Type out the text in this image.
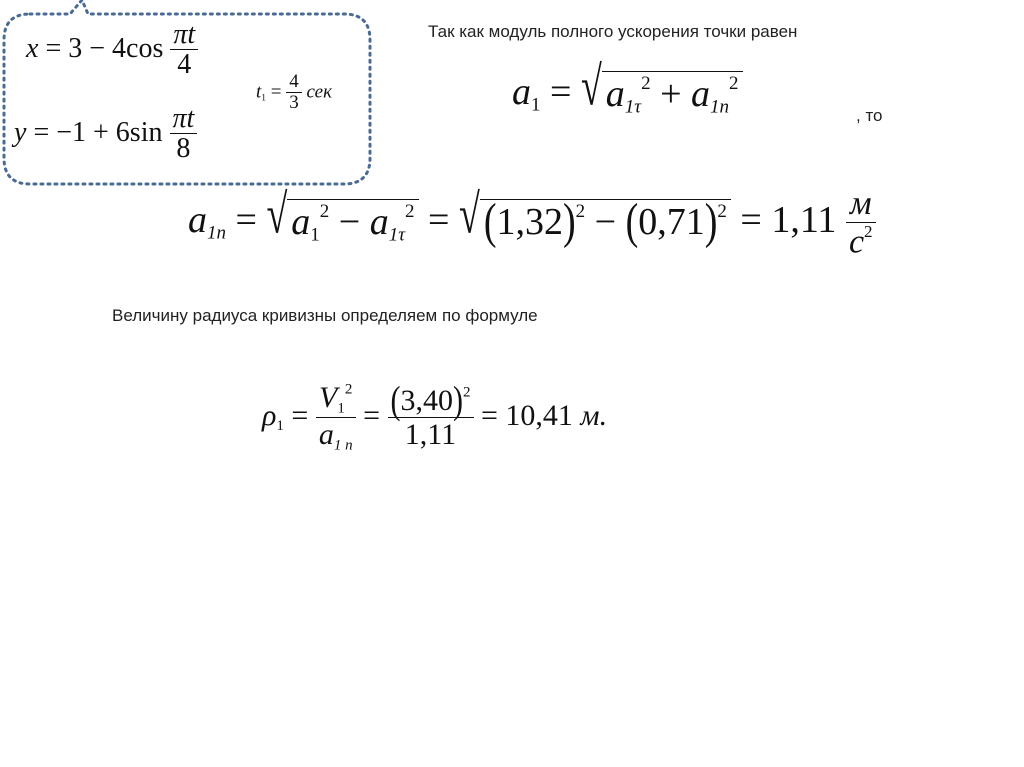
$x = 3 - 4\cos \frac{\pi t}{4}$
$y = -1 + 6\sin \frac{\pi t}{8}$
$t_1 = \frac{4}{3}$ сек
Так как модуль полного ускорения точки равен
$a_1$ = √ $a1\tau^2 + a1n^2$
, то
a1n = √ $a_1^2 - a1\tau^2$ = √ $(1,32)^2 - (0,71)^2 = 1,11 \frac{м}{с^2}$
Величину радиуса кривизны определяем по формуле
$\rho_1 = \frac{V_1^2}{a1 n} = \frac{(3,40)^2}{1,11} = 10,41$ м.
